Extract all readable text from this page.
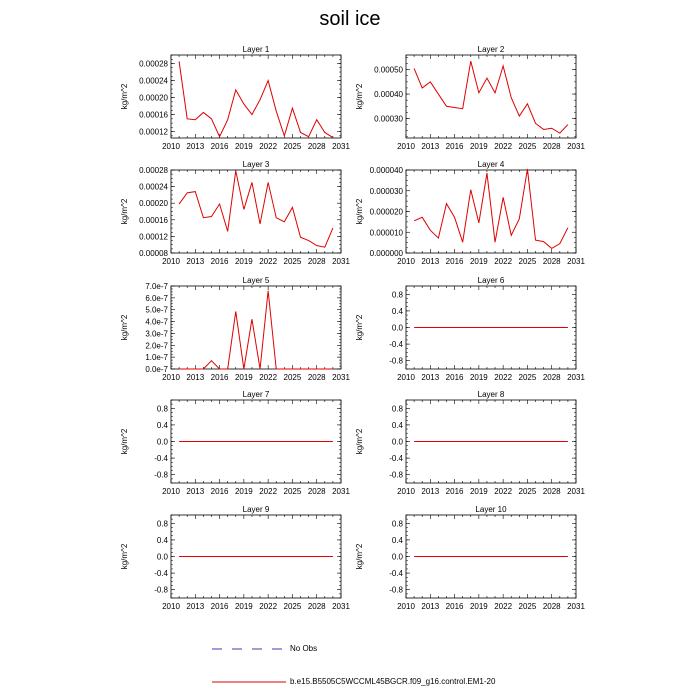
soil ice
Layer 1
2010 2013 2016 2019 2022 2025 2028 2031
0.00012
0.00016
0.00020
0.00024
0.00028
kg/m^2
Layer 2
2010 2013 2016 2019 2022 2025 2028 2031
0.00030
0.00040
0.00050
kg/m^2
Layer 3
2010 2013 2016 2019 2022 2025 2028 2031
0.00008
0.00012
0.00016
0.00020
0.00024
0.00028
kg/m^2
Layer 4
2010 2013 2016 2019 2022 2025 2028 2031
0.000000
0.000010
0.000020
0.000030
0.000040
kg/m^2
Layer 5
2010 2013 2016 2019 2022 2025 2028 2031
0.0e-7
1.0e-7
2.0e-7
3.0e-7
4.0e-7
5.0e-7
6.0e-7
7.0e-7
kg/m^2
Layer 6
2010 2013 2016 2019 2022 2025 2028 2031
-0.8
-0.4
0.0
0.4
0.8
kg/m^2
Layer 7
2010 2013 2016 2019 2022 2025 2028 2031
-0.8
-0.4
0.0
0.4
0.8
kg/m^2
Layer 8
2010 2013 2016 2019 2022 2025 2028 2031
-0.8
-0.4
0.0
0.4
0.8
kg/m^2
Layer 9
2010 2013 2016 2019 2022 2025 2028 2031
-0.8
-0.4
0.0
0.4
0.8
kg/m^2
Layer 10
2010 2013 2016 2019 2022 2025 2028 2031
-0.8
-0.4
0.0
0.4
0.8
kg/m^2
No Obs
b.e15.B5505C5WCCML45BGCR.f09_g16.control.EM1-20
